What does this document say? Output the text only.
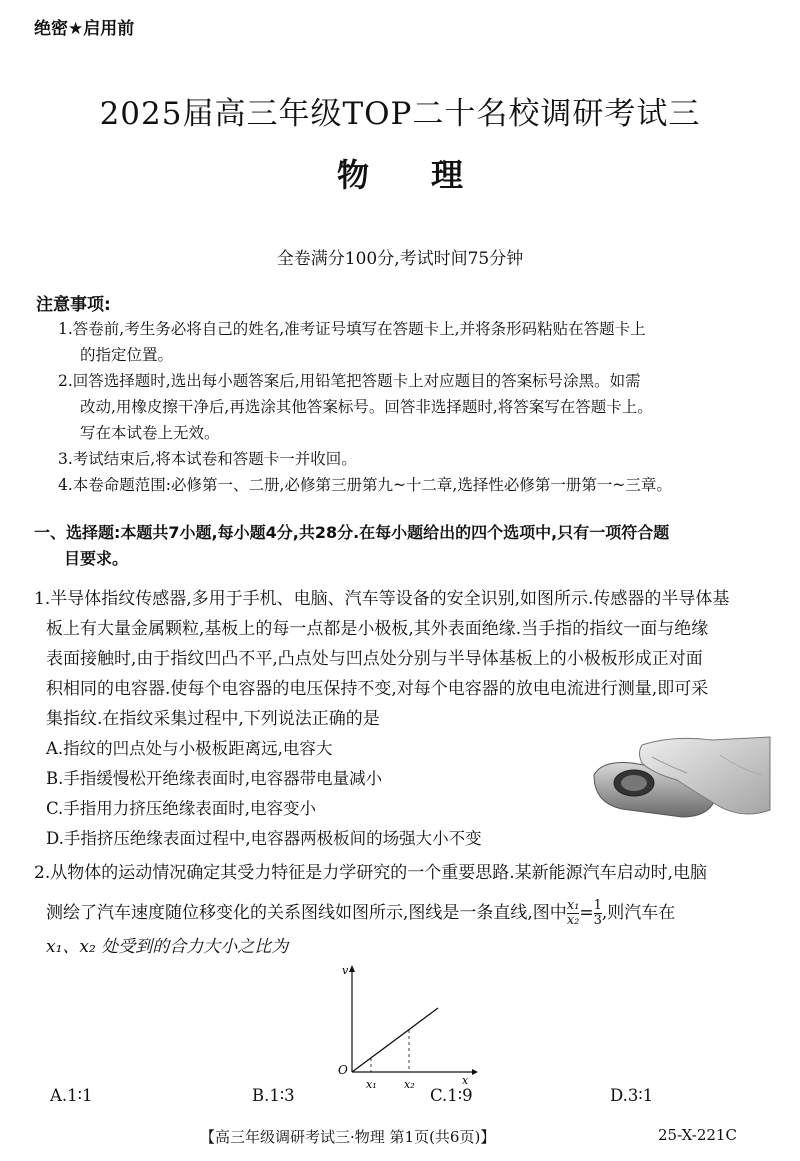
绝密★启用前
2025届高三年级TOP二十名校调研考试三
物理
全卷满分100分,考试时间75分钟
注意事项:
1.答卷前,考生务必将自己的姓名,准考证号填写在答题卡上,并将条形码粘贴在答题卡上
的指定位置。
2.回答选择题时,选出每小题答案后,用铅笔把答题卡上对应题目的答案标号涂黑。如需
改动,用橡皮擦干净后,再选涂其他答案标号。回答非选择题时,将答案写在答题卡上。
写在本试卷上无效。
3.考试结束后,将本试卷和答题卡一并收回。
4.本卷命题范围:必修第一、二册,必修第三册第九~十二章,选择性必修第一册第一~三章。
一、选择题:本题共7小题,每小题4分,共28分.在每小题给出的四个选项中,只有一项符合题
目要求。
1.半导体指纹传感器,多用于手机、电脑、汽车等设备的安全识别,如图所示.传感器的半导体基
板上有大量金属颗粒,基板上的每一点都是小极板,其外表面绝缘.当手指的指纹一面与绝缘
表面接触时,由于指纹凹凸不平,凸点处与凹点处分别与半导体基板上的小极板形成正对面
积相同的电容器.使每个电容器的电压保持不变,对每个电容器的放电电流进行测量,即可采
集指纹.在指纹采集过程中,下列说法正确的是
A.指纹的凹点处与小极板距离远,电容大
B.手指缓慢松开绝缘表面时,电容器带电量减小
C.手指用力挤压绝缘表面时,电容变小
D.手指挤压绝缘表面过程中,电容器两极板间的场强大小不变
2.从物体的运动情况确定其受力特征是力学研究的一个重要思路.某新能源汽车启动时,电脑
测绘了汽车速度随位移变化的关系图线如图所示,图线是一条直线,图中 $\frac{\text{x₁}}{\text{x₂}} = \frac{1}{3}$ ,则汽车在
x₁、x₂ 处受到的合力大小之比为
v
O
x₁ x₂	x
A.1∶1	B.1∶3	C.1∶9	D.3∶1
【高三年级调研考试三·物理 第1页(共6页)】	25-X-221C
